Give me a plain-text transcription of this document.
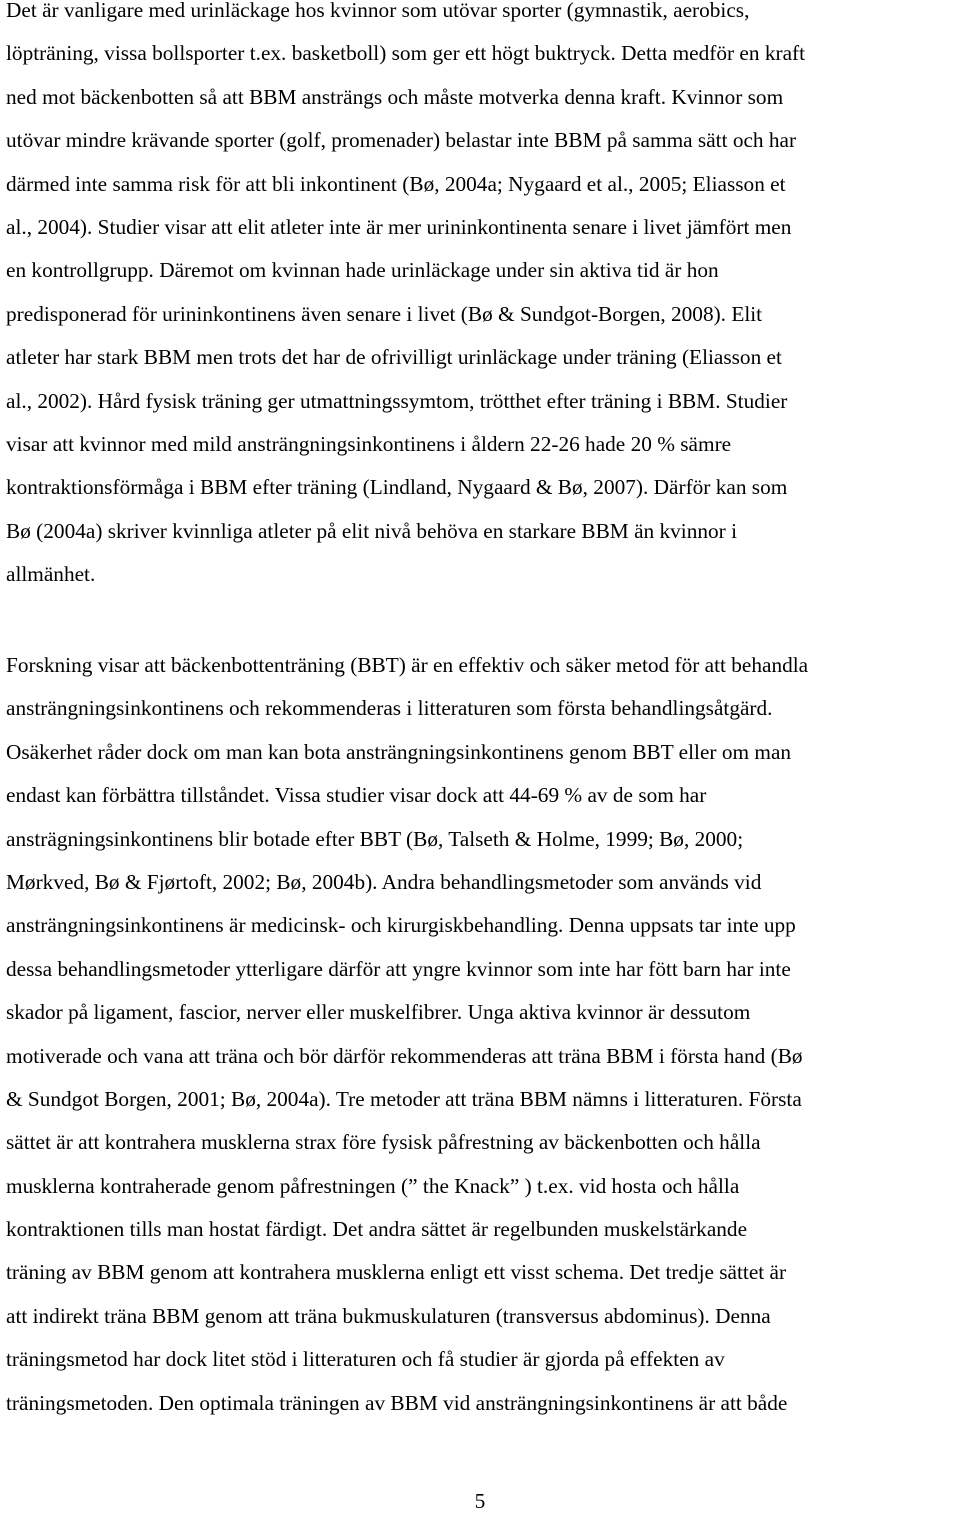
Det är vanligare med urinläckage hos kvinnor som utövar sporter (gymnastik, aerobics,
löpträning, vissa bollsporter t.ex. basketboll) som ger ett högt buktryck. Detta medför en kraft
ned mot bäckenbotten så att BBM ansträngs och måste motverka denna kraft. Kvinnor som
utövar mindre krävande sporter (golf, promenader) belastar inte BBM på samma sätt och har
därmed inte samma risk för att bli inkontinent (Bø, 2004a; Nygaard et al., 2005; Eliasson et
al., 2004). Studier visar att elit atleter inte är mer urininkontinenta senare i livet jämfört men
en kontrollgrupp. Däremot om kvinnan hade urinläckage under sin aktiva tid är hon
predisponerad för urininkontinens även senare i livet (Bø & Sundgot-Borgen, 2008). Elit
atleter har stark BBM men trots det har de ofrivilligt urinläckage under träning (Eliasson et
al., 2002). Hård fysisk träning ger utmattningssymtom, trötthet efter träning i BBM. Studier
visar att kvinnor med mild ansträngningsinkontinens i åldern 22-26 hade 20 % sämre
kontraktionsförmåga i BBM efter träning (Lindland, Nygaard & Bø, 2007). Därför kan som
Bø (2004a) skriver kvinnliga atleter på elit nivå behöva en starkare BBM än kvinnor i
allmänhet.
Forskning visar att bäckenbottenträning (BBT) är en effektiv och säker metod för att behandla
ansträngningsinkontinens och rekommenderas i litteraturen som första behandlingsåtgärd.
Osäkerhet råder dock om man kan bota ansträngningsinkontinens genom BBT eller om man
endast kan förbättra tillståndet. Vissa studier visar dock att 44-69 % av de som har
ansträgningsinkontinens blir botade efter BBT (Bø, Talseth & Holme, 1999; Bø, 2000;
Mørkved, Bø & Fjørtoft, 2002; Bø, 2004b). Andra behandlingsmetoder som används vid
ansträngningsinkontinens är medicinsk- och kirurgiskbehandling. Denna uppsats tar inte upp
dessa behandlingsmetoder ytterligare därför att yngre kvinnor som inte har fött barn har inte
skador på ligament, fascior, nerver eller muskelfibrer. Unga aktiva kvinnor är dessutom
motiverade och vana att träna och bör därför rekommenderas att träna BBM i första hand (Bø
& Sundgot Borgen, 2001; Bø, 2004a). Tre metoder att träna BBM nämns i litteraturen. Första
sättet är att kontrahera musklerna strax före fysisk påfrestning av bäckenbotten och hålla
musklerna kontraherade genom påfrestningen (” the Knack” ) t.ex. vid hosta och hålla
kontraktionen tills man hostat färdigt. Det andra sättet är regelbunden muskelstärkande
träning av BBM genom att kontrahera musklerna enligt ett visst schema. Det tredje sättet är
att indirekt träna BBM genom att träna bukmuskulaturen (transversus abdominus). Denna
träningsmetod har dock litet stöd i litteraturen och få studier är gjorda på effekten av
träningsmetoden. Den optimala träningen av BBM vid ansträngningsinkontinens är att både
5
